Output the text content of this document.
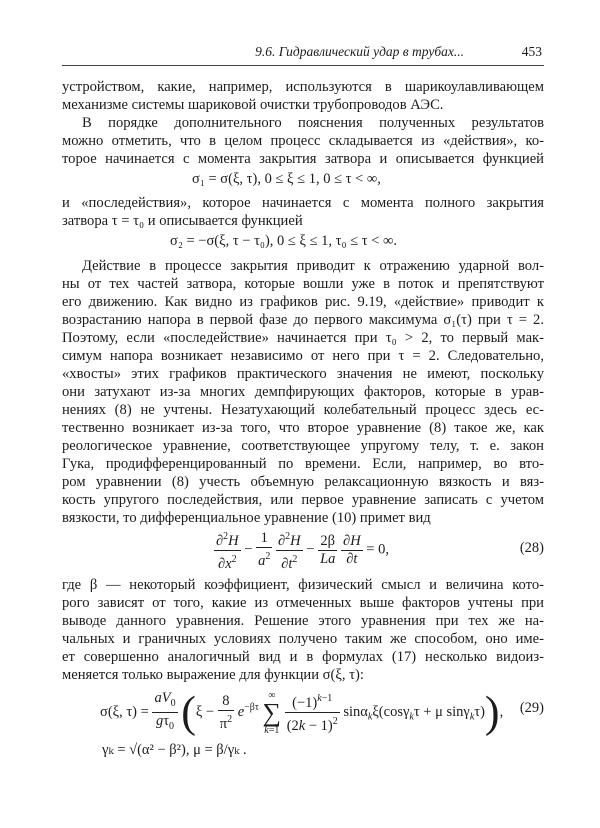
9.6. Гидравлический удар в трубах...	453
устройством, какие, например, используются в шарикоулавливающем
механизме системы шариковой очистки трубопроводов АЭС.
В порядке дополнительного пояснения полученных результатов
можно отметить, что в целом процесс складывается из «действия», ко-
торое начинается с момента закрытия затвора и описывается функцией
σ₁ = σ(ξ, τ), 0 ≤ ξ ≤ 1, 0 ≤ τ < ∞,
и «последействия», которое начинается с момента полного закрытия
затвора τ = τ₀ и описывается функцией
σ₂ = −σ(ξ, τ − τ₀), 0 ≤ ξ ≤ 1, τ₀ ≤ τ < ∞.
Действие в процессе закрытия приводит к отражению ударной вол-
ны от тех частей затвора, которые вошли уже в поток и препятствуют
его движению. Как видно из графиков рис. 9.19, «действие» приводит к
возрастанию напора в первой фазе до первого максимума σ₁(τ) при τ = 2.
Поэтому, если «последействие» начинается при τ₀ > 2, то первый мак-
симум напора возникает независимо от него при τ = 2. Следовательно,
«хвосты» этих графиков практического значения не имеют, поскольку
они затухают из-за многих демпфирующих факторов, которые в урав-
нениях (8) не учтены. Незатухающий колебательный процесс здесь ес-
тественно возникает из-за того, что второе уравнение (8) такое же, как
реологическое уравнение, соответствующее упругому телу, т. е. закон
Гука, продифференцированный по времени. Если, например, во вто-
ром уравнении (8) учесть объемную релаксационную вязкость и вяз-
кость упругого последействия, или первое уравнение записать с учетом
вязкости, то дифференциальное уравнение (10) примет вид
$\frac{\partial^2H}{\partial x^2} - \frac{1}{a^2}$
$\frac{\partial^2H}{\partial t^2} - \frac{2\beta}{La}$
$\frac{\partial H}{\partial t} = 0$,	(28)
где β — некоторый коэффициент, физический смысл и величина кото-
рого зависят от того, какие из отмеченных выше факторов учтены при
выводе данного уравнения. Решение этого уравнения при тех же на-
чальных и граничных условиях получено таким же способом, оно име-
ет совершенно аналогичный вид и в формулах (17) несколько видоиз-
меняется только выражение для функции σ(ξ, τ):
σ(ξ, $\tau) = \frac{aV_0}{g\tau_0} (\xi - \frac{8}{\pi^2} e^{-\beta\tau}$ ∞
∑
$k=1 \frac{(-1)^{k-1}}{(2k - 1)^2} \sin\alpha_k\xi(\cos\gamma_k\tau + \mu$ sinγ$_k$τ)), (29)
γₖ = √(α² − β²), μ = β/γₖ .
